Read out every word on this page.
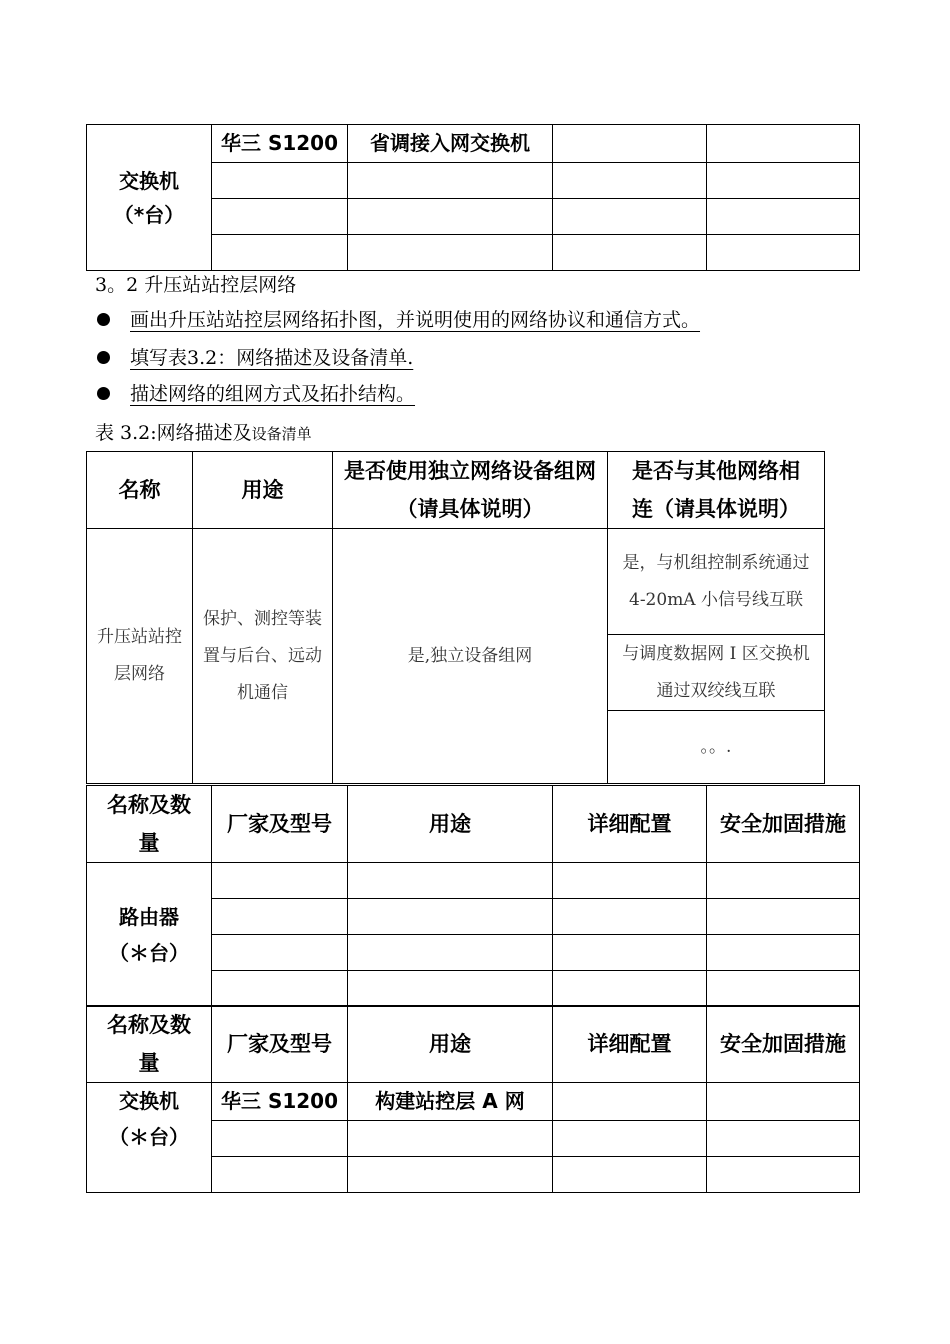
交换机
（*台）	华三 S1200	省调接入网交换机		

3。2 升压站站控层网络
画出升压站站控层网络拓扑图，并说明使用的网络协议和通信方式。
填写表3.2：网络描述及设备清单.
描述网络的组网方式及拓扑结构。
表 3.2:网络描述及设备清单
名称	用途	是否使用独立网络设备组网（请具体说明）	是否与其他网络相连（请具体说明）
升压站站控层网络	保护、测控等装置与后台、远动机通信	是,独立设备组网	是，与机组控制系统通过 4-20mA 小信号线互联
			与调度数据网 I 区交换机通过双绞线互联
			。。.
名称及数量	厂家及型号	用途	详细配置	安全加固措施
路由器
（＊台）				

名称及数量	厂家及型号	用途	详细配置	安全加固措施
交换机
（＊台）	华三 S1200	构建站控层 A 网		
